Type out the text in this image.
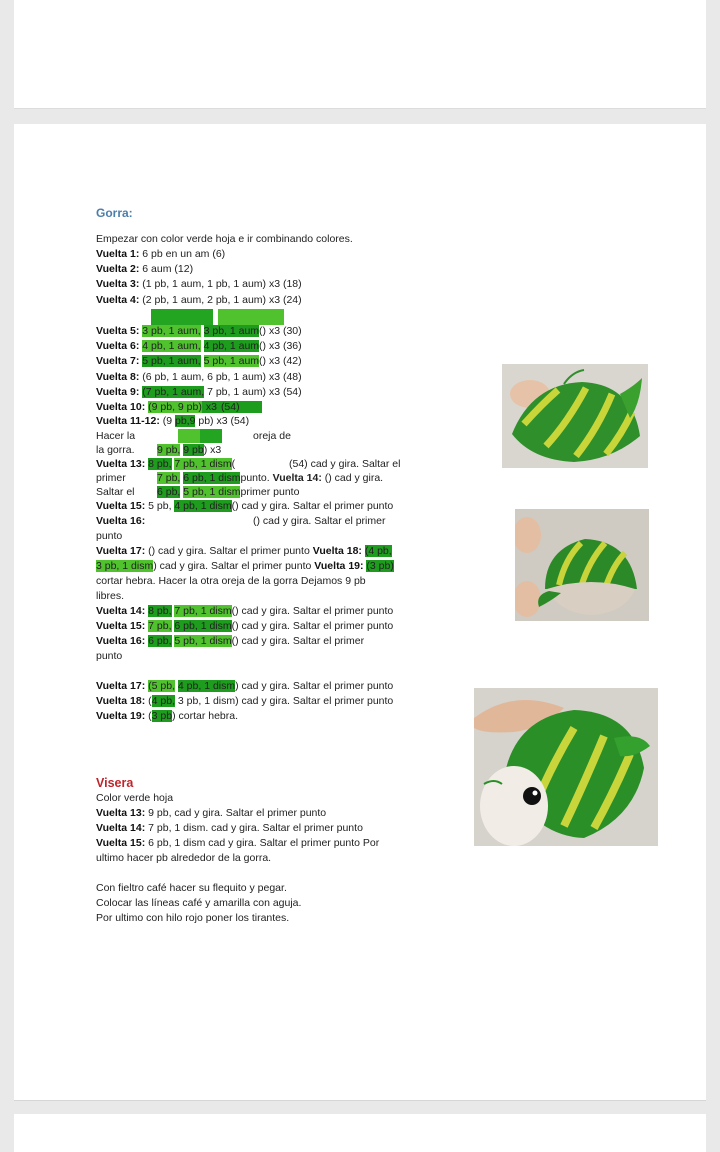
Gorra:
Empezar con color verde hoja e ir combinando colores.
Vuelta 1: 6 pb en un am (6)
Vuelta 2: 6 aum (12)
Vuelta 3: (1 pb, 1 aum, 1 pb, 1 aum) x3 (18)
Vuelta 4: (2 pb, 1 aum, 2 pb, 1 aum) x3 (24)
Vuelta 5: 3 pb, 1 aum, 3 pb, 1 aum() x3 (30)
Vuelta 6: 4 pb, 1 aum, 4 pb, 1 aum() x3 (36)
Vuelta 7: 5 pb, 1 aum, 5 pb, 1 aum() x3 (42)
Vuelta 8: (6 pb, 1 aum, 6 pb, 1 aum) x3 (48)
Vuelta 9: (7 pb, 1 aum, 7 pb, 1 aum) x3 (54)
Vuelta 10: (9 pb, 9 pb) x3 (54)
Vuelta 11-12: (9 pb,9 pb) x3 (54)
Hacer la	oreja de
la gorra. 9 pb, 9 pb) x3
Vuelta 13: 8 pb, 7 pb, 1 dism(	(54) cad y gira. Saltar el
primer	7 pb, 6 pb, 1 dismpunto. Vuelta 14: () cad y gira.
Saltar el 6 pb, 5 pb, 1 dismprimer punto
Vuelta 15: 5 pb, 4 pb, 1 dism() cad y gira. Saltar el primer punto
Vuelta 16:	() cad y gira. Saltar el primer
punto
Vuelta 17: () cad y gira. Saltar el primer punto Vuelta 18: (4 pb,
3 pb, 1 dism) cad y gira. Saltar el primer punto Vuelta 19: (3 pb)
cortar hebra. Hacer la otra oreja de la gorra Dejamos 9 pb
libres.
Vuelta 14: 8 pb, 7 pb, 1 dism() cad y gira. Saltar el primer punto
Vuelta 15: 7 pb, 6 pb, 1 dism() cad y gira. Saltar el primer punto
Vuelta 16: 6 pb, 5 pb, 1 dism() cad y gira. Saltar el primer
punto
Vuelta 17: (5 pb, 4 pb, 1 dism) cad y gira. Saltar el primer punto
Vuelta 18: (4 pb, 3 pb, 1 dism) cad y gira. Saltar el primer punto
Vuelta 19: (3 pb) cortar hebra.
Visera
Color verde hoja
Vuelta 13: 9 pb, cad y gira. Saltar el primer punto
Vuelta 14: 7 pb, 1 dism. cad y gira. Saltar el primer punto
Vuelta 15: 6 pb, 1 dism cad y gira. Saltar el primer punto Por
ultimo hacer pb alrededor de la gorra.
Con fieltro café hacer su flequito y pegar.
Colocar las líneas café y amarilla con aguja.
Por ultimo con hilo rojo poner los tirantes.
